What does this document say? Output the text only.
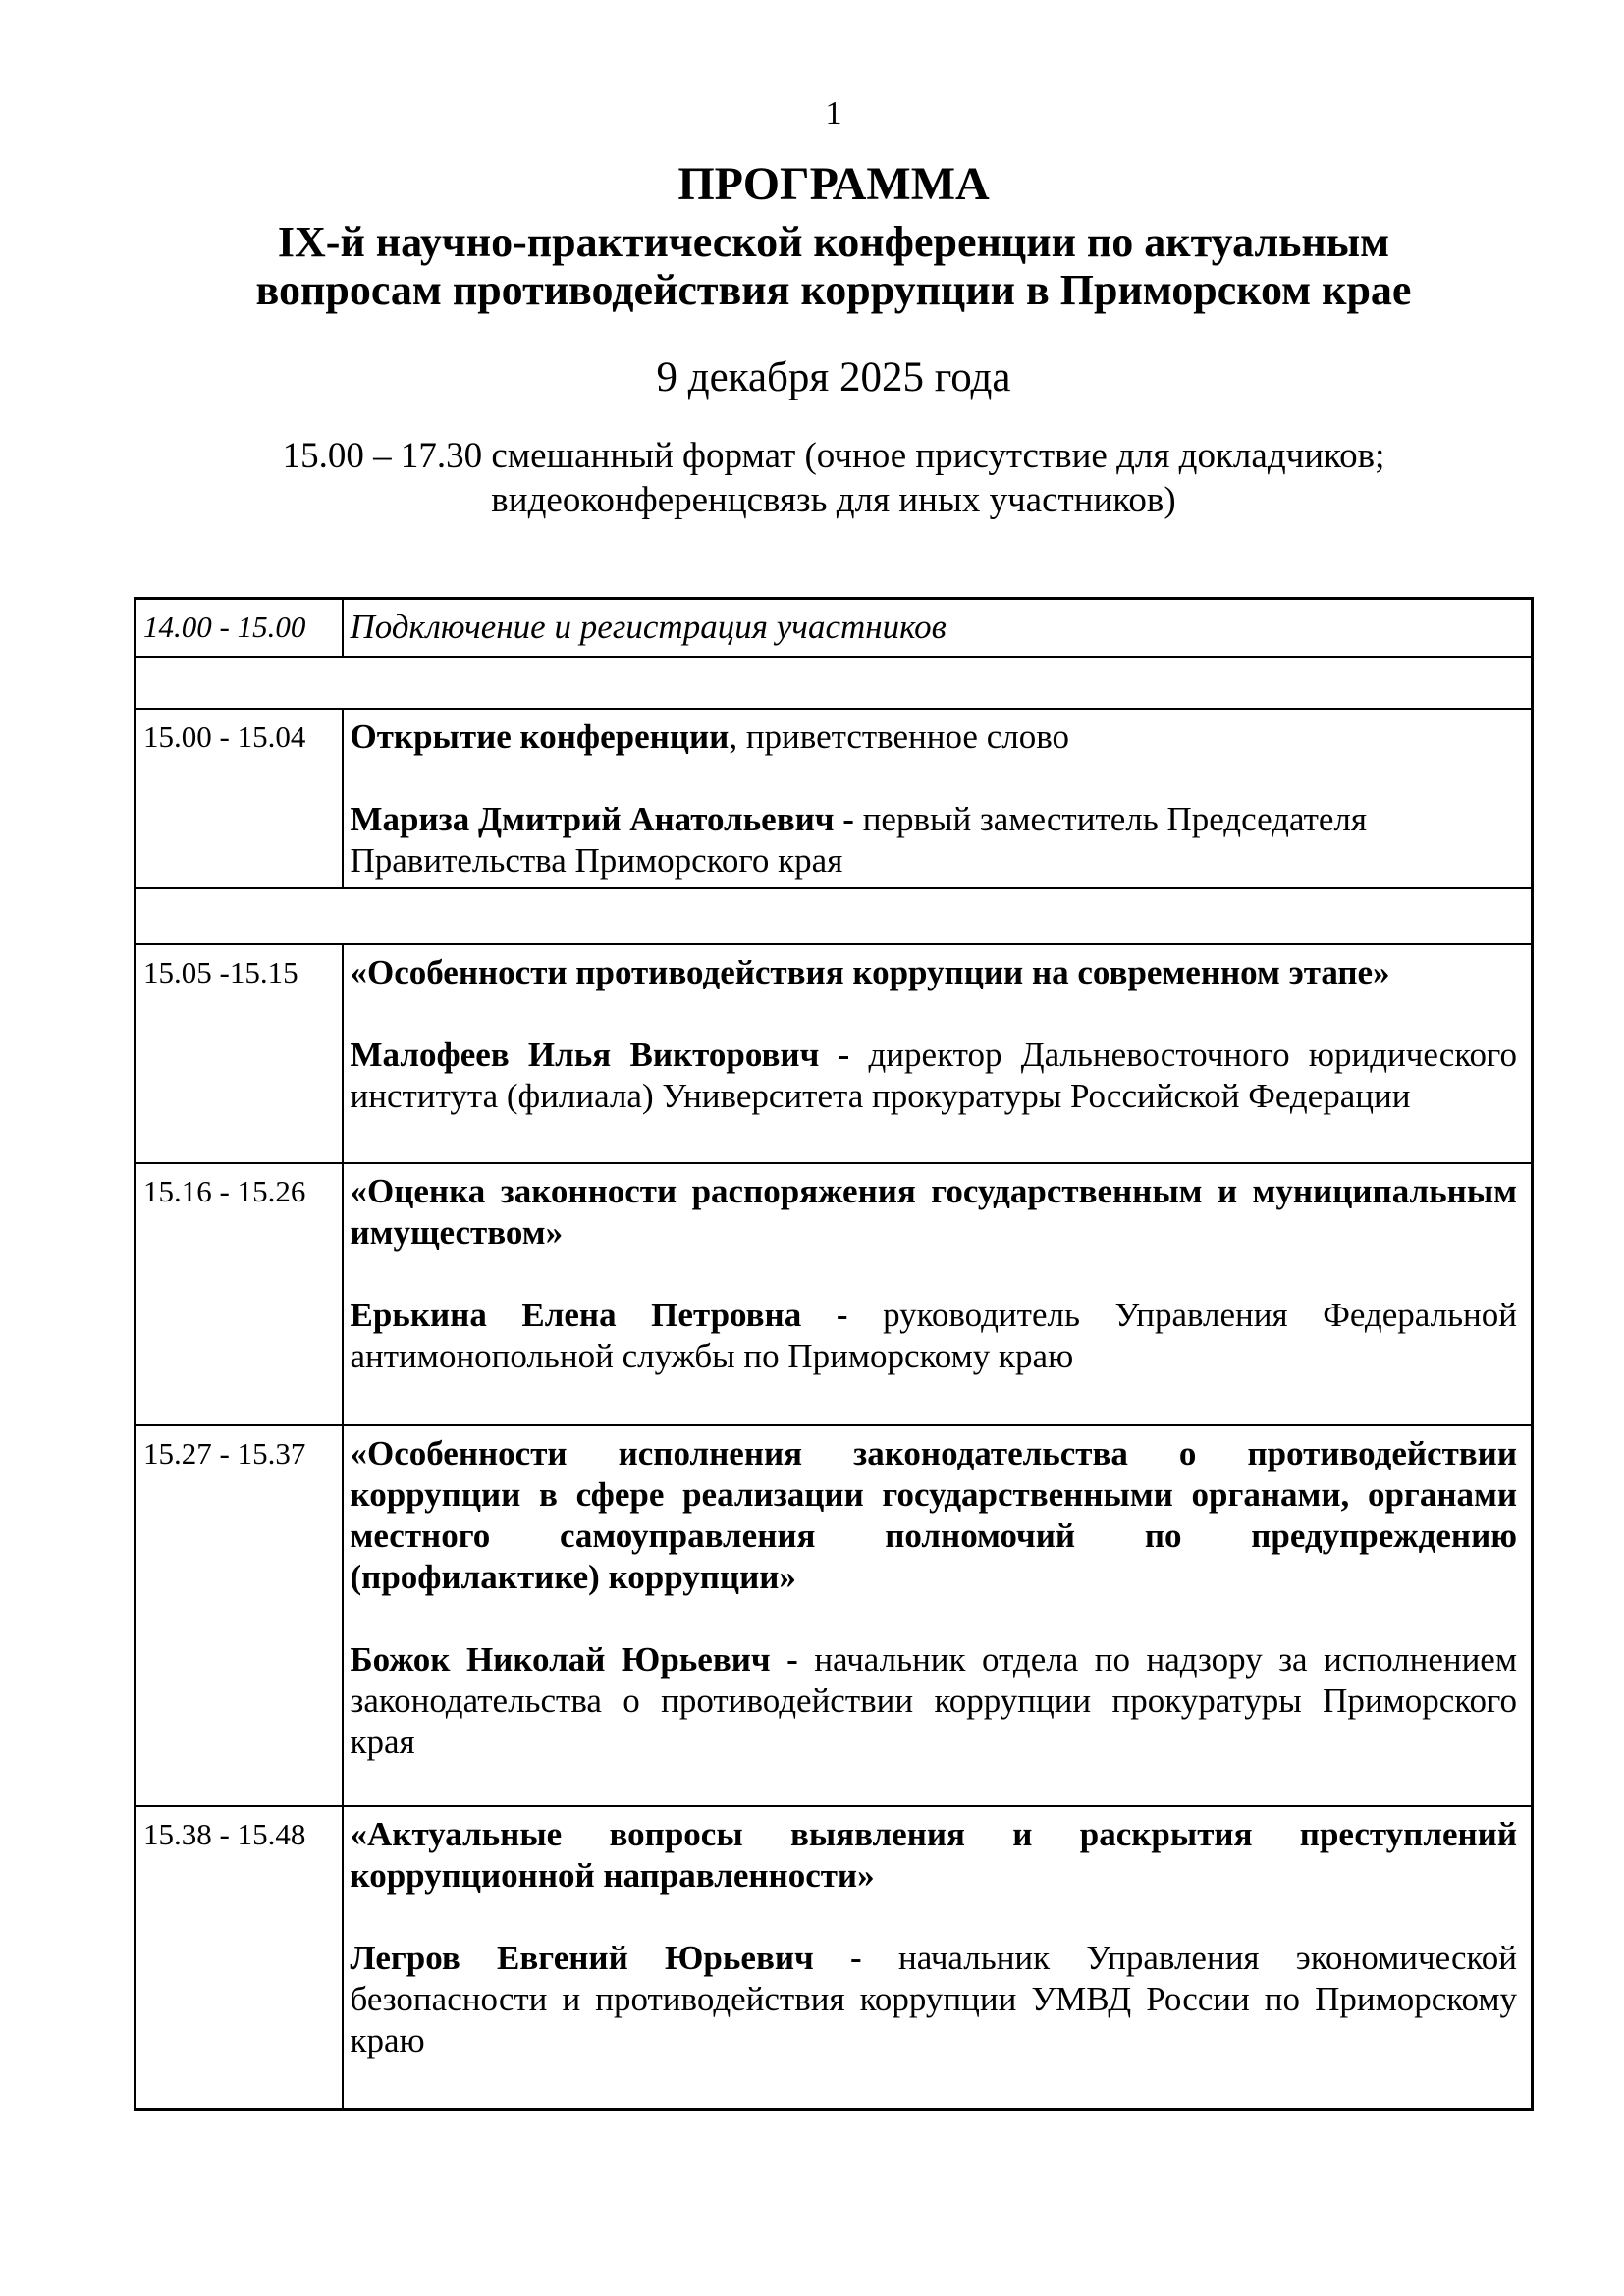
1
ПРОГРАММА
IX-й научно-практической конференции по актуальным
вопросам противодействия коррупции в Приморском крае
9 декабря 2025 года
15.00 – 17.30 смешанный формат (очное присутствие для докладчиков;
видеоконференцсвязь для иных участников)
14.00 - 15.00	Подключение и регистрация участников

15.00 - 15.04	Открытие конференции, приветственное слово
Мариза Дмитрий Анатольевич - первый заместитель Председателя
Правительства Приморского края

15.05 -15.15	«Особенности противодействия коррупции на современном этапе»
Малофеев Илья Викторович - директор Дальневосточного юридического
института (филиала) Университета прокуратуры Российской Федерации

15.16 - 15.26	«Оценка законности распоряжения государственным и муниципальным
имуществом»
Ерькина Елена Петровна - руководитель Управления Федеральной
антимонопольной службы по Приморскому краю

15.27 - 15.37	«Особенности исполнения законодательства о противодействии
коррупции в сфере реализации государственными органами, органами
местного самоуправления полномочий по предупреждению
(профилактике) коррупции»
Божок Николай Юрьевич - начальник отдела по надзору за исполнением
законодательства о противодействии коррупции прокуратуры Приморского
края

15.38 - 15.48	«Актуальные вопросы выявления и раскрытия преступлений
коррупционной направленности»
Легров Евгений Юрьевич - начальник Управления экономической
безопасности и противодействия коррупции УМВД России по Приморскому
краю
